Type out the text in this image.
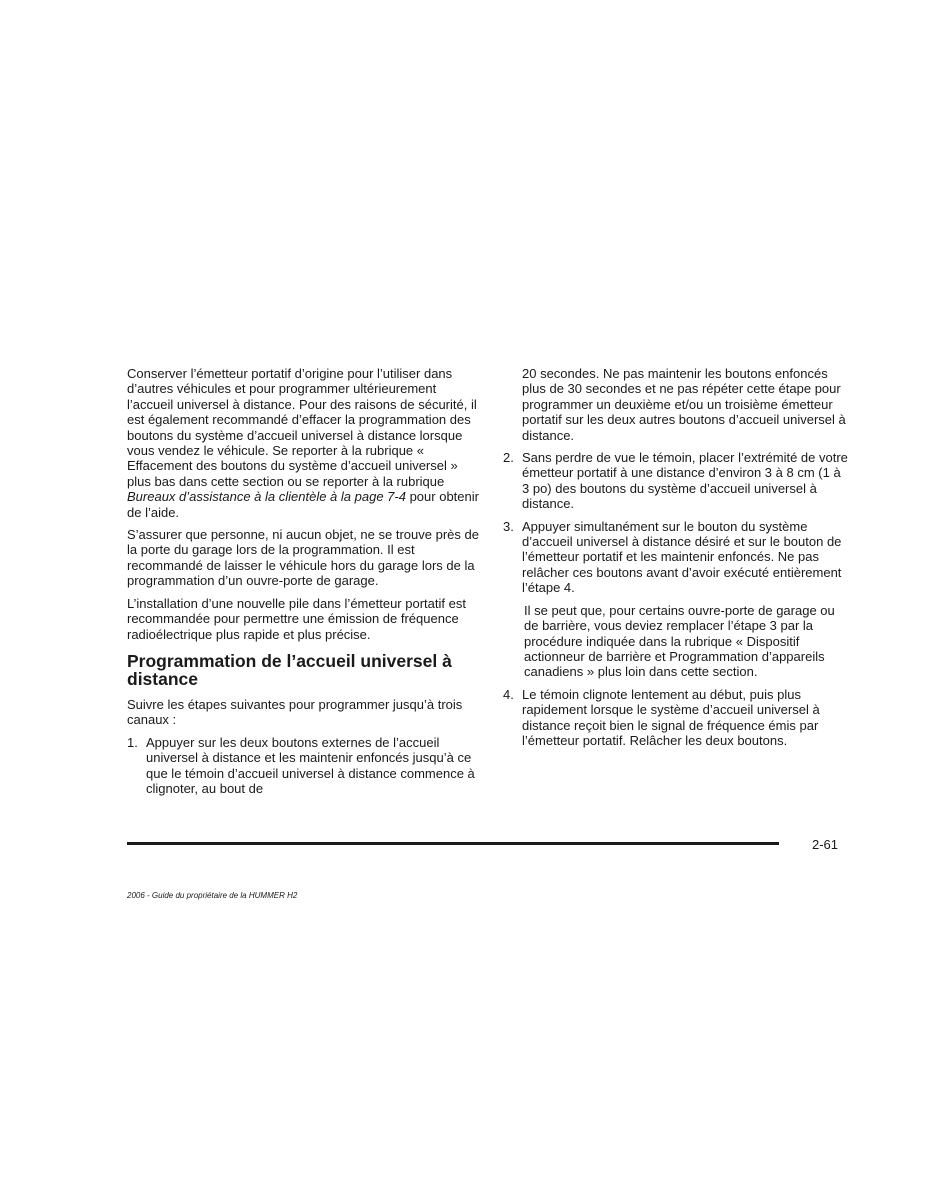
Conserver l’émetteur portatif d’origine pour l’utiliser dans d’autres véhicules et pour programmer ultérieurement l’accueil universel à distance. Pour des raisons de sécurité, il est également recommandé d’effacer la programmation des boutons du système d’accueil universel à distance lorsque vous vendez le véhicule. Se reporter à la rubrique « Effacement des boutons du système d’accueil universel » plus bas dans cette section ou se reporter à la rubrique Bureaux d’assistance à la clientèle à la page 7-4 pour obtenir de l’aide.

S’assurer que personne, ni aucun objet, ne se trouve près de la porte du garage lors de la programmation. Il est recommandé de laisser le véhicule hors du garage lors de la programmation d’un ouvre-porte de garage.

L’installation d’une nouvelle pile dans l’émetteur portatif est recommandée pour permettre une émission de fréquence radioélectrique plus rapide et plus précise.

Programmation de l’accueil universel à distance

Suivre les étapes suivantes pour programmer jusqu’à trois canaux :

1. Appuyer sur les deux boutons externes de l’accueil universel à distance et les maintenir enfoncés jusqu’à ce que le témoin d’accueil universel à distance commence à clignoter, au bout de
20 secondes. Ne pas maintenir les boutons enfoncés plus de 30 secondes et ne pas répéter cette étape pour programmer un deuxième et/ou un troisième émetteur portatif sur les deux autres boutons d’accueil universel à distance.
2. Sans perdre de vue le témoin, placer l’extrémité de votre émetteur portatif à une distance d’environ 3 à 8 cm (1 à 3 po) des boutons du système d’accueil universel à distance.
3. Appuyer simultanément sur le bouton du système d’accueil universel à distance désiré et sur le bouton de l’émetteur portatif et les maintenir enfoncés. Ne pas relâcher ces boutons avant d’avoir exécuté entièrement l’étape 4.
Il se peut que, pour certains ouvre-porte de garage ou de barrière, vous deviez remplacer l’étape 3 par la procédure indiquée dans la rubrique « Dispositif actionneur de barrière et Programmation d’appareils canadiens » plus loin dans cette section.
4. Le témoin clignote lentement au début, puis plus rapidement lorsque le système d’accueil universel à distance reçoit bien le signal de fréquence émis par l’émetteur portatif. Relâcher les deux boutons.
2-61
2006 - Guide du propriétaire de la HUMMER H2
